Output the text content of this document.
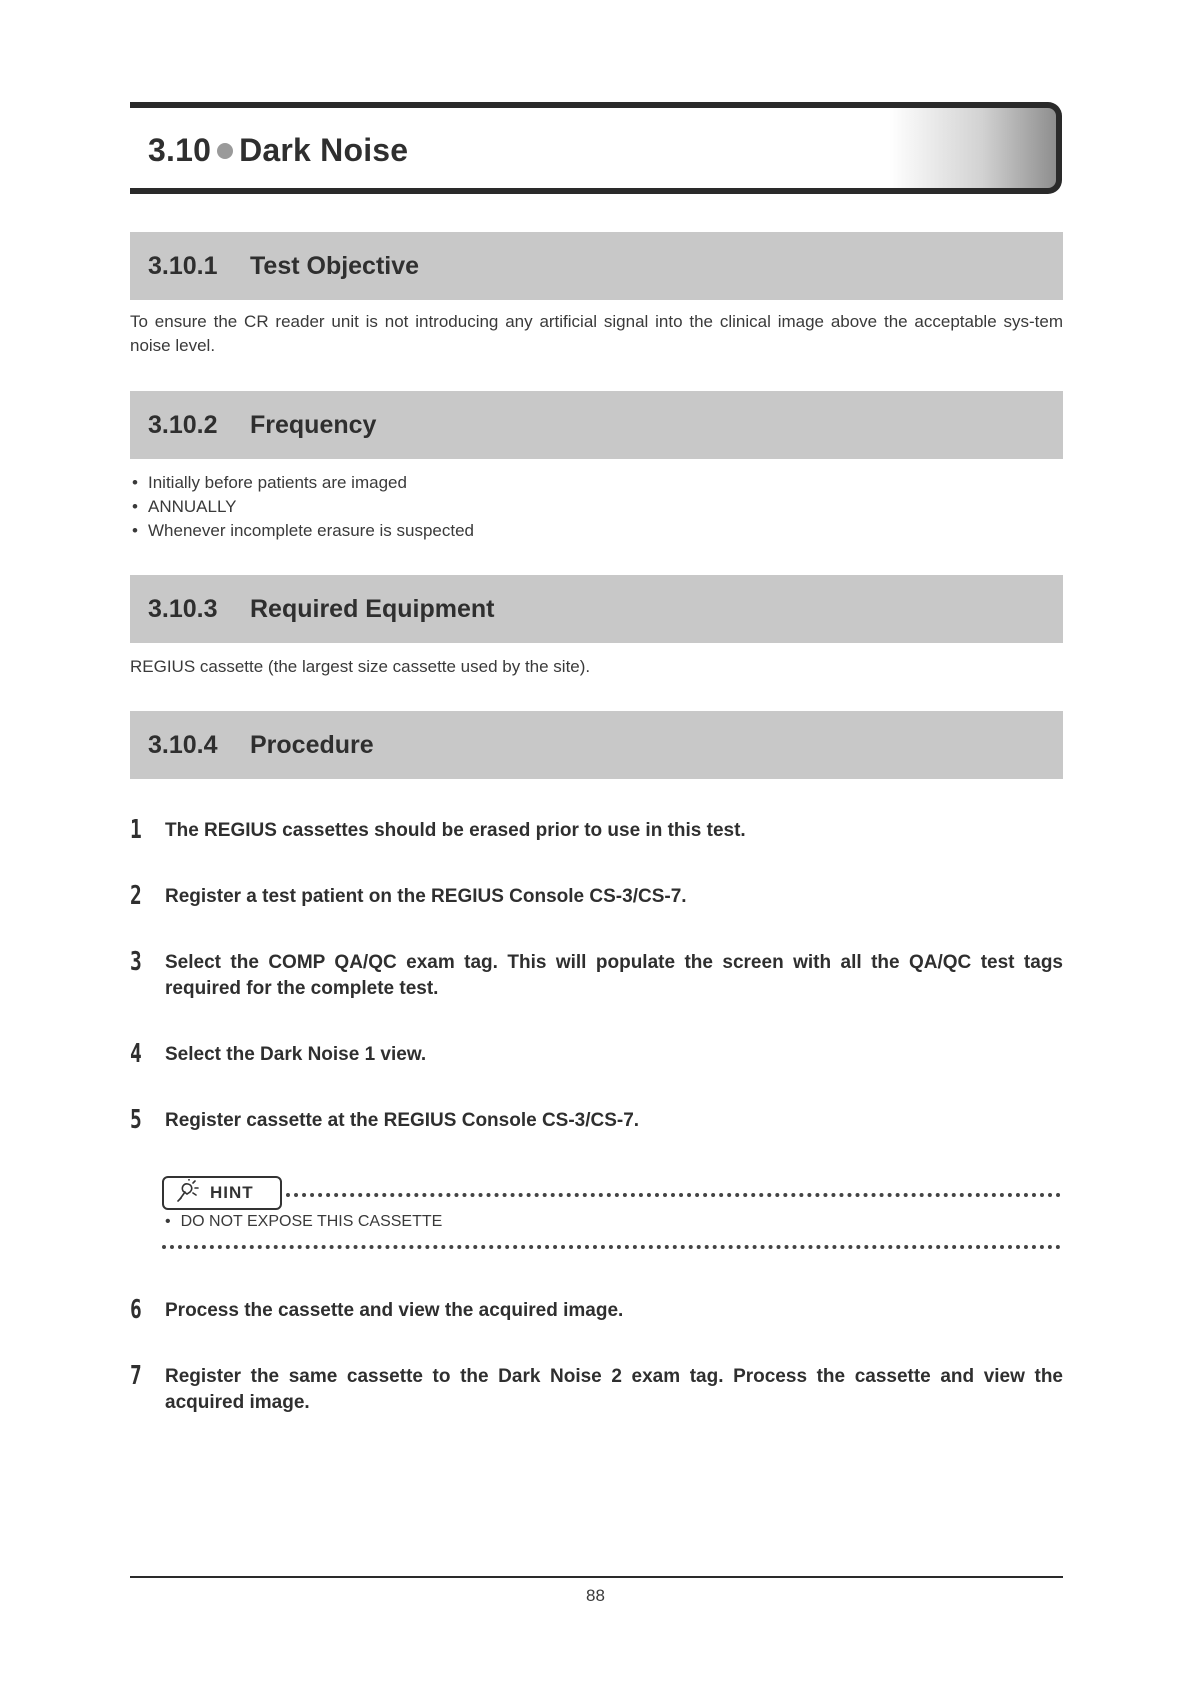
3.10 Dark Noise
3.10.1	Test Objective

To ensure the CR reader unit is not introducing any artificial signal into the clinical image above the acceptable sys-tem noise level.

3.10.2	Frequency
• Initially before patients are imaged
• ANNUALLY
• Whenever incomplete erasure is suspected
3.10.3	Required Equipment

REGIUS cassette (the largest size cassette used by the site).

3.10.4	Procedure
1	The REGIUS cassettes should be erased prior to use in this test.
2	Register a test patient on the REGIUS Console CS-3/CS-7.
3	Select the COMP QA/QC exam tag. This will populate the screen with all the QA/QC test tags required for the complete test.
4	Select the Dark Noise 1 view.
5	Register cassette at the REGIUS Console CS-3/CS-7.
HINT
• DO NOT EXPOSE THIS CASSETTE
6	Process the cassette and view the acquired image.
7	Register the same cassette to the Dark Noise 2 exam tag. Process the cassette and view the acquired image.
88
